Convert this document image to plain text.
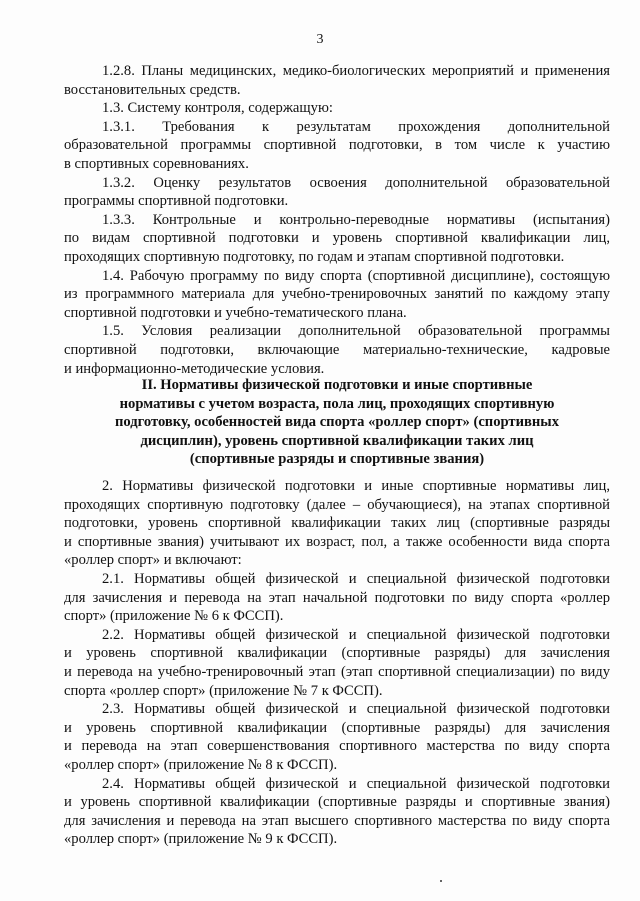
3
1.2.8. Планы медицинских, медико-биологических мероприятий и применения
восстановительных средств.
1.3. Систему контроля, содержащую:
1.3.1. Требования к результатам прохождения дополнительной
образовательной программы спортивной подготовки, в том числе к участию
в спортивных соревнованиях.
1.3.2. Оценку результатов освоения дополнительной образовательной
программы спортивной подготовки.
1.3.3. Контрольные и контрольно-переводные нормативы (испытания)
по видам спортивной подготовки и уровень спортивной квалификации лиц,
проходящих спортивную подготовку, по годам и этапам спортивной подготовки.
1.4. Рабочую программу по виду спорта (спортивной дисциплине), состоящую
из программного материала для учебно-тренировочных занятий по каждому этапу
спортивной подготовки и учебно-тематического плана.
1.5. Условия реализации дополнительной образовательной программы
спортивной подготовки, включающие материально-технические, кадровые
и информационно-методические условия.
II. Нормативы физической подготовки и иные спортивные
нормативы с учетом возраста, пола лиц, проходящих спортивную
подготовку, особенностей вида спорта «роллер спорт» (спортивных
дисциплин), уровень спортивной квалификации таких лиц
(спортивные разряды и спортивные звания)
2. Нормативы физической подготовки и иные спортивные нормативы лиц,
проходящих спортивную подготовку (далее – обучающиеся), на этапах спортивной
подготовки, уровень спортивной квалификации таких лиц (спортивные разряды
и спортивные звания) учитывают их возраст, пол, а также особенности вида спорта
«роллер спорт» и включают:
2.1. Нормативы общей физической и специальной физической подготовки
для зачисления и перевода на этап начальной подготовки по виду спорта «роллер
спорт» (приложение № 6 к ФССП).
2.2. Нормативы общей физической и специальной физической подготовки
и уровень спортивной квалификации (спортивные разряды) для зачисления
и перевода на учебно-тренировочный этап (этап спортивной специализации) по виду
спорта «роллер спорт» (приложение № 7 к ФССП).
2.3. Нормативы общей физической и специальной физической подготовки
и уровень спортивной квалификации (спортивные разряды) для зачисления
и перевода на этап совершенствования спортивного мастерства по виду спорта
«роллер спорт» (приложение № 8 к ФССП).
2.4. Нормативы общей физической и специальной физической подготовки
и уровень спортивной квалификации (спортивные разряды и спортивные звания)
для зачисления и перевода на этап высшего спортивного мастерства по виду спорта
«роллер спорт» (приложение № 9 к ФССП).
